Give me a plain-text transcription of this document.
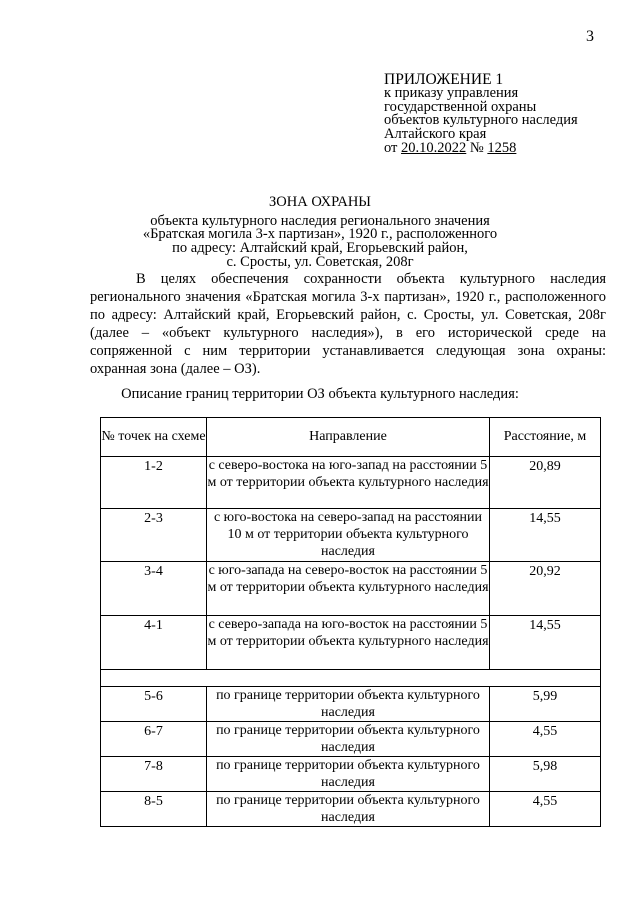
3
ПРИЛОЖЕНИЕ 1
к приказу управления
государственной охраны
объектов культурного наследия
Алтайского края
от 20.10.2022 № 1258
ЗОНА ОХРАНЫ
объекта культурного наследия регионального значения
«Братская могила 3-х партизан», 1920 г., расположенного
по адресу: Алтайский край, Егорьевский район,
с. Сросты, ул. Советская, 208г

В целях обеспечения сохранности объекта культурного наследия регионального значения «Братская могила 3-х партизан», 1920 г., расположенного по адресу: Алтайский край, Егорьевский район, с. Сросты, ул. Советская, 208г (далее – «объект культурного наследия»), в его исторической среде на сопряженной с ним территории устанавливается следующая зона охраны: охранная зона (далее – ОЗ).

Описание границ территории ОЗ объекта культурного наследия:
№ точек на схеме	Направление	Расстояние, м
1-2	с северо-востока на юго-запад на расстоянии 5 м от территории объекта культурного наследия	20,89
2-3	с юго-востока на северо-запад на расстоянии 10 м от территории объекта культурного наследия	14,55
3-4	с юго-запада на северо-восток на расстоянии 5 м от территории объекта культурного наследия	20,92
4-1	с северо-запада на юго-восток на расстоянии 5 м от территории объекта культурного наследия	14,55

5-6	по границе территории объекта культурного наследия	5,99
6-7	по границе территории объекта культурного наследия	4,55
7-8	по границе территории объекта культурного наследия	5,98
8-5	по границе территории объекта культурного наследия	4,55
